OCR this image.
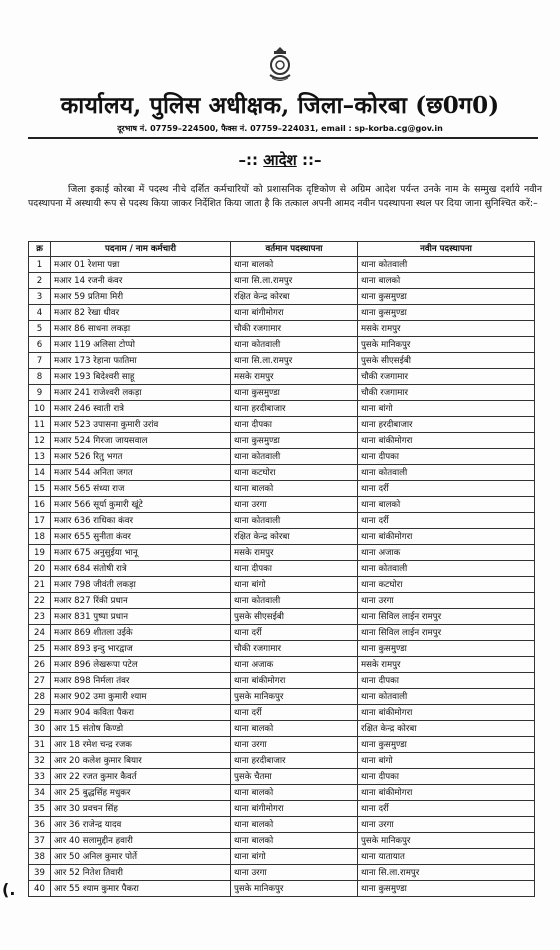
कार्यालय, पुलिस अधीक्षक, जिला–कोरबा (छ0ग0)
दूरभाष नं. 07759–224500, फैक्स नं. 07759–224031, email : sp-korba.cg@gov.in
–:: आदेश ::–
जिला इकाई कोरबा में पदस्थ नीचे दर्शित कर्मचारियों को प्रशासनिक दृष्टिकोण से अग्रिम आदेश पर्यन्त उनके नाम के सम्मुख दर्शाये नवीन पदस्थापना में अस्थायी रूप से पदस्थ किया जाकर निर्देशित किया जाता है कि तत्काल अपनी आमद नवीन पदस्थापना स्थल पर दिया जाना सुनिश्चित करें:–
क्र	पदनाम / नाम कर्मचारी	वर्तमान पदस्थापना	नवीन पदस्थापना
1	मआर 01 रेशमा पन्ना	थाना बालको	थाना कोतवाली
2	मआर 14 रजनी कंवर	थाना सि.ला.रामपुर	थाना बालको
3	मआर 59 प्रतिमा मिरी	रक्षित केन्द्र कोरबा	थाना कुसमुण्डा
4	मआर 82 रेखा धीवर	थाना बांगीमोगरा	थाना कुसमुण्डा
5	मआर 86 साधना लकड़ा	चौकी रजगामार	मसके रामपुर
6	मआर 119 अलिसा टोप्पो	थाना कोतवाली	पुसके मानिकपुर
7	मआर 173 रेहाना फातिमा	थाना सि.ला.रामपुर	पुसके सीएसईबी
8	मआर 193 बिदेश्वरी साहू	मसके रामपुर	चौकी रजगामार
9	मआर 241 राजेश्वरी लकड़ा	थाना कुसमुण्डा	चौकी रजगामार
10	मआर 246 स्वाती रात्रे	थाना हरदीबाजार	थाना बांगो
11	मआर 523 उपासना कुमारी उरांव	थाना दीपका	थाना हरदीबाजार
12	मआर 524 गिरजा जायसवाल	थाना कुसमुण्डा	थाना बांकीमोगरा
13	मआर 526 रितु भगत	थाना कोतवाली	थाना दीपका
14	मआर 544 अनिता जगत	थाना कटघोरा	थाना कोतवाली
15	मआर 565 संध्या राज	थाना बालको	थाना दर्री
16	मआर 566 सूर्या कुमारी खूंटे	थाना उरगा	थाना बालको
17	मआर 636 राधिका कंवर	थाना कोतवाली	थाना दर्री
18	मआर 655 सुनीता कंवर	रक्षित केन्द्र कोरबा	थाना बांकीमोगरा
19	मआर 675 अनुसुईया भानू	मसके रामपुर	थाना अजाक
20	मआर 684 संतोषी रात्रे	थाना दीपका	थाना कोतवाली
21	मआर 798 जीवंती लकड़ा	थाना बांगो	थाना कटघोरा
22	मआर 827 रिंकी प्रधान	थाना कोतवाली	थाना उरगा
23	मआर 831 पुष्पा प्रधान	पुसके सीएसईबी	थाना सिविल लाईन रामपुर
24	मआर 869 शीतला उईके	थाना दर्री	थाना सिविल लाईन रामपुर
25	मआर 893 इन्दु भारद्वाज	चौकी रजगामार	थाना कुसमुण्डा
26	मआर 896 लेखरूपा पटेल	थाना अजाक	मसके रामपुर
27	मआर 898 निर्मला तंवर	थाना बांकीमोगरा	थाना दीपका
28	मआर 902 उमा कुमारी श्याम	पुसके मानिकपुर	थाना कोतवाली
29	मआर 904 कविता पैकरा	थाना दर्री	थाना बांकीमोगरा
30	आर 15 संतोष किण्डो	थाना बालको	रक्षित केन्द्र कोरबा
31	आर 18 रमेश चन्द्र रजक	थाना उरगा	थाना कुसमुण्डा
32	आर 20 कलेश कुमार बियार	थाना हरदीबाजार	थाना बांगो
33	आर 22 रजत कुमार कैवर्त	पुसके चैतमा	थाना दीपका
34	आर 25 बुद्धसिंह मधुकर	थाना बालको	थाना बांकीमोगरा
35	आर 30 प्रवचन सिंह	थाना बांगीमोगरा	थाना दर्री
36	आर 36 राजेन्द्र यादव	थाना बालको	थाना उरगा
37	आर 40 सलामुद्दीन हवारी	थाना बालको	पुसके मानिकपुर
38	आर 50 अनिल कुमार पोर्ते	थाना बांगो	थाना यातायात
39	आर 52 नितेश तिवारी	थाना उरगा	थाना सि.ला.रामपुर
40	आर 55 श्याम कुमार पैकरा	पुसके मानिकपुर	थाना कुसमुण्डा
(.
